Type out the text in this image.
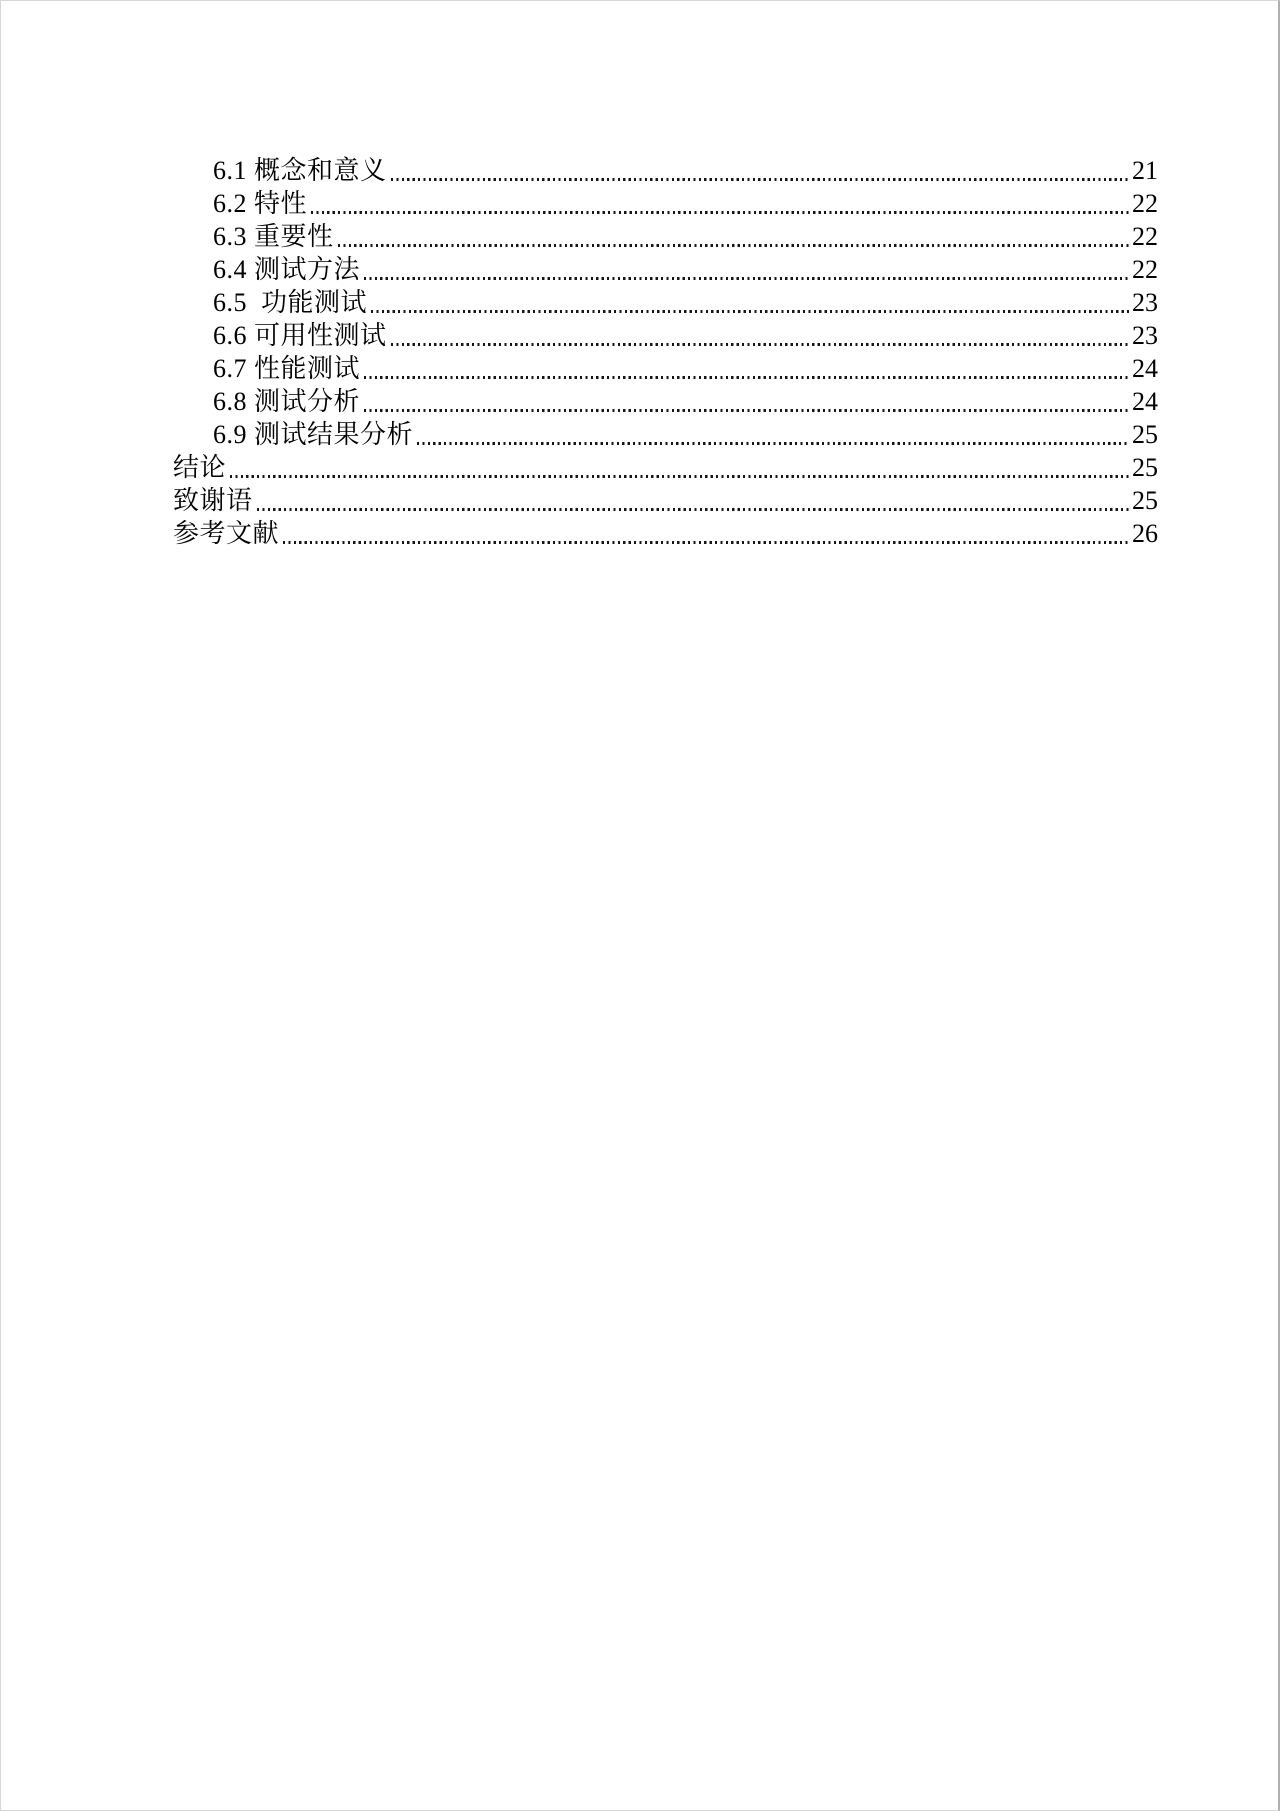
6.1 概念和意义	21
6.2 特性	22
6.3 重要性	22
6.4 测试方法	22
6.5  功能测试	23
6.6 可用性测试	23
6.7 性能测试	24
6.8 测试分析	24
6.9 测试结果分析	25
结论	25
致谢语	25
参考文献	26
